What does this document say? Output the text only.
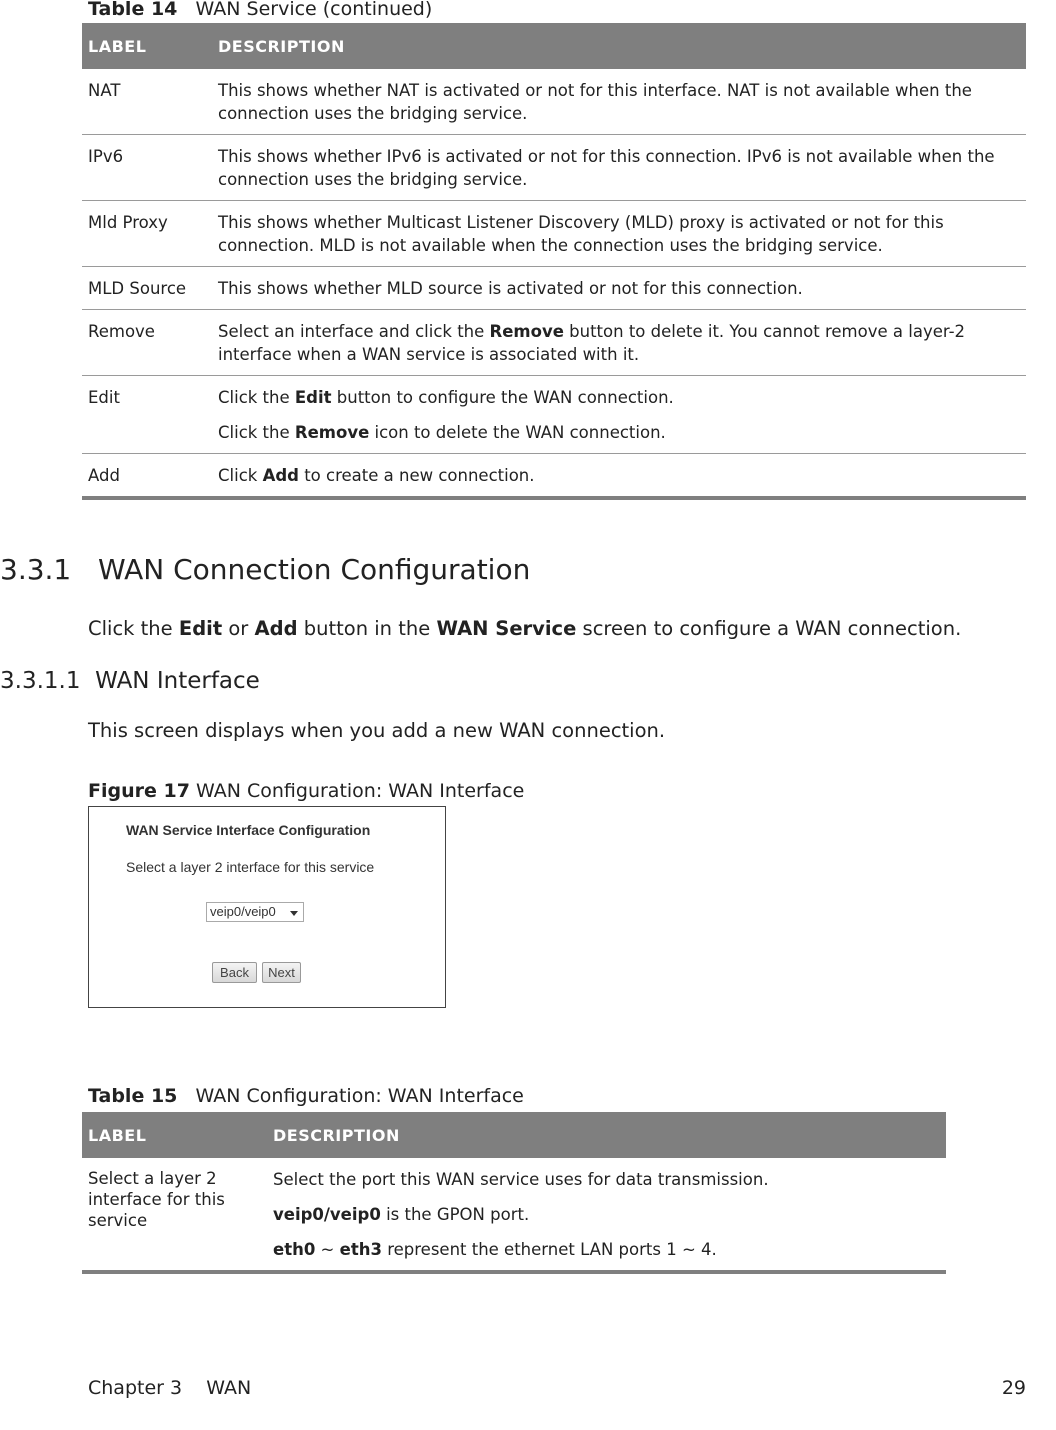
Table 14 WAN Service (continued)
LABEL	DESCRIPTION
NAT	This shows whether NAT is activated or not for this interface. NAT is not available when the connection uses the bridging service.
IPv6	This shows whether IPv6 is activated or not for this connection. IPv6 is not available when the connection uses the bridging service.
Mld Proxy	This shows whether Multicast Listener Discovery (MLD) proxy is activated or not for this connection. MLD is not available when the connection uses the bridging service.
MLD Source	This shows whether MLD source is activated or not for this connection.
Remove	Select an interface and click the Remove button to delete it. You cannot remove a layer-2 interface when a WAN service is associated with it.
Edit	Click the Edit button to configure the WAN connection.

Click the Remove icon to delete the WAN connection.

Add	Click Add to create a new connection.
3.3.1 WAN Connection Configuration
Click the Edit or Add button in the WAN Service screen to configure a WAN connection.
3.3.1.1 WAN Interface
This screen displays when you add a new WAN connection.
Figure 17 WAN Configuration: WAN Interface
WAN Service Interface Configuration
Select a layer 2 interface for this service
veip0/veip0
Back	Next
Table 15 WAN Configuration: WAN Interface
LABEL	DESCRIPTION
Select a layer 2 interface for this service	Select the port this WAN service uses for data transmission.

veip0/veip0 is the GPON port.

eth0 ~ eth3 represent the ethernet LAN ports 1 ~ 4.

Chapter 3 WAN	29
